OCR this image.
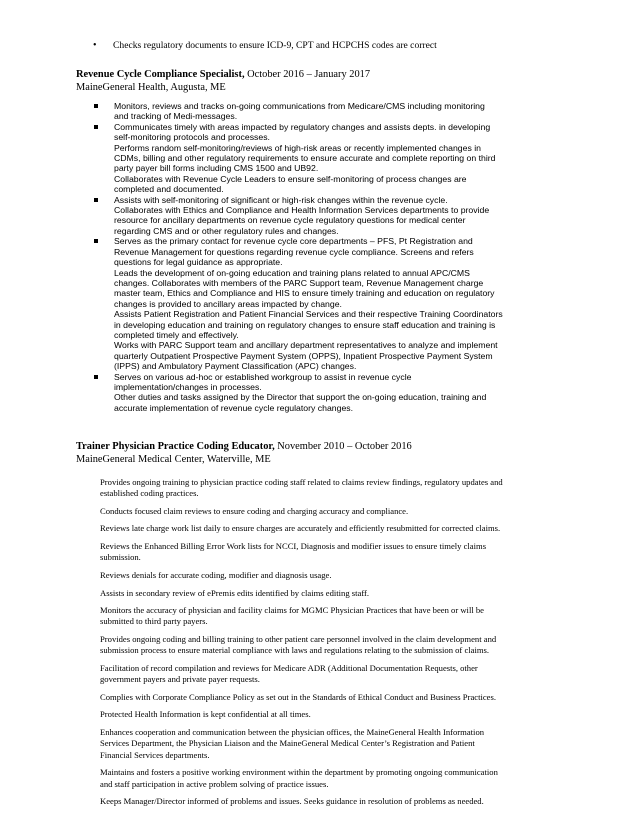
• Checks regulatory documents to ensure ICD-9, CPT and HCPCHS codes are correct
Revenue Cycle Compliance Specialist, October 2016 – January 2017
MaineGeneral Health, Augusta, ME
Monitors, reviews and tracks on-going communications from Medicare/CMS including monitoring
and tracking of Medi-messages.
Communicates timely with areas impacted by regulatory changes and assists depts. in developing
self-monitoring protocols and processes.
Performs random self-monitoring/reviews of high-risk areas or recently implemented changes in
CDMs, billing and other regulatory requirements to ensure accurate and complete reporting on third
party payer bill forms including CMS 1500 and UB92.
Collaborates with Revenue Cycle Leaders to ensure self-monitoring of process changes are
completed and documented.
Assists with self-monitoring of significant or high-risk changes within the revenue cycle.
Collaborates with Ethics and Compliance and Health Information Services departments to provide
resource for ancillary departments on revenue cycle regulatory questions for medical center
regarding CMS and or other regulatory rules and changes.
Serves as the primary contact for revenue cycle core departments – PFS, Pt Registration and
Revenue Management for questions regarding revenue cycle compliance. Screens and refers
questions for legal guidance as appropriate.
Leads the development of on-going education and training plans related to annual APC/CMS
changes. Collaborates with members of the PARC Support team, Revenue Management charge
master team, Ethics and Compliance and HIS to ensure timely training and education on regulatory
changes is provided to ancillary areas impacted by change.
Assists Patient Registration and Patient Financial Services and their respective Training Coordinators
in developing education and training on regulatory changes to ensure staff education and training is
completed timely and effectively.
Works with PARC Support team and ancillary department representatives to analyze and implement
quarterly Outpatient Prospective Payment System (OPPS), Inpatient Prospective Payment System
(IPPS) and Ambulatory Payment Classification (APC) changes.
Serves on various ad-hoc or established workgroup to assist in revenue cycle
implementation/changes in processes.
Other duties and tasks assigned by the Director that support the on-going education, training and
accurate implementation of revenue cycle regulatory changes.
Trainer Physician Practice Coding Educator, November 2010 – October 2016
MaineGeneral Medical Center, Waterville, ME

Provides ongoing training to physician practice coding staff related to claims review findings, regulatory updates and
established coding practices.

Conducts focused claim reviews to ensure coding and charging accuracy and compliance.

Reviews late charge work list daily to ensure charges are accurately and efficiently resubmitted for corrected claims.

Reviews the Enhanced Billing Error Work lists for NCCI, Diagnosis and modifier issues to ensure timely claims
submission.

Reviews denials for accurate coding, modifier and diagnosis usage.

Assists in secondary review of ePremis edits identified by claims editing staff.

Monitors the accuracy of physician and facility claims for MGMC Physician Practices that have been or will be
submitted to third party payers.

Provides ongoing coding and billing training to other patient care personnel involved in the claim development and
submission process to ensure material compliance with laws and regulations relating to the submission of claims.

Facilitation of record compilation and reviews for Medicare ADR (Additional Documentation Requests, other
government payers and private payer requests.

Complies with Corporate Compliance Policy as set out in the Standards of Ethical Conduct and Business Practices.

Protected Health Information is kept confidential at all times.

Enhances cooperation and communication between the physician offices, the MaineGeneral Health Information
Services Department, the Physician Liaison and the MaineGeneral Medical Center’s Registration and Patient
Financial Services departments.

Maintains and fosters a positive working environment within the department by promoting ongoing communication
and staff participation in active problem solving of practice issues.

Keeps Manager/Director informed of problems and issues. Seeks guidance in resolution of problems as needed.
